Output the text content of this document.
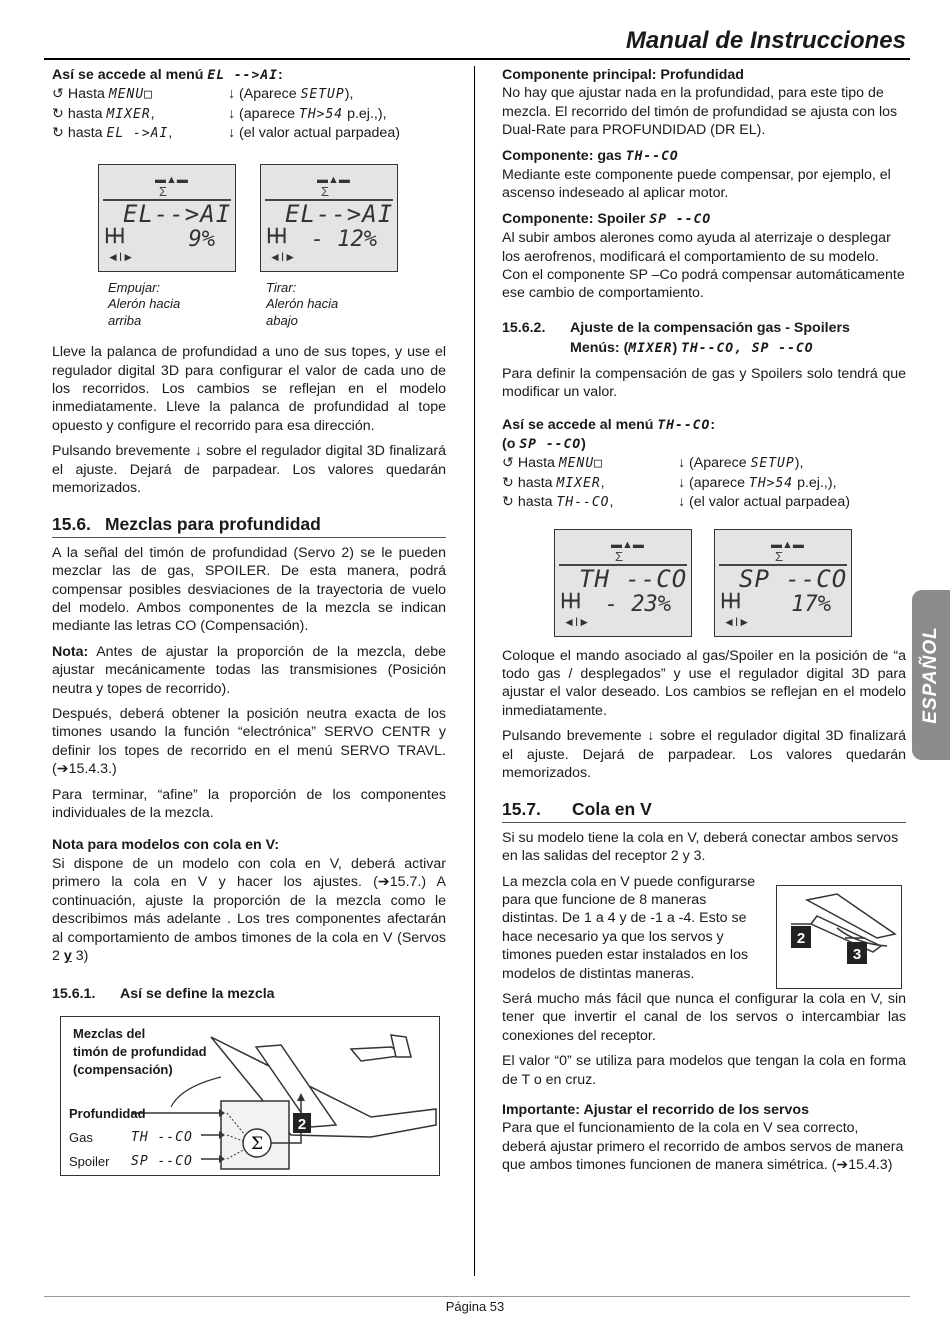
Manual de Instrucciones
Así se accede al menú EL -->AI:
↺ Hasta MENU□	↓ (Aparece SETUP),
↻ hasta MIXER,	↓ (aparece TH>54 p.ej.,),
↻ hasta EL ->AI,	↓ (el valor actual parpadea)
▬▲▬
Σ
EL-->AI
┣╋┫	9%
◄I►
▬▲▬
Σ
EL-->AI
┣╋┫ - 12%
◄I►
Empujar:
Alerón hacia
arriba
Tirar:
Alerón hacia
abajo

Lleve la palanca de profundidad a uno de sus topes, y use el regulador digital 3D para configurar el valor de cada uno de los recorridos. Los cambios se reflejan en el modelo inmediatamente. Lleve la palanca de profundidad al tope opuesto y configure el recorrido para esa dirección.

Pulsando brevemente ↓ sobre el regulador digital 3D finalizará el ajuste. Dejará de parpadear. Los valores quedarán memorizados.

15.6. Mezclas para profundidad

A la señal del timón de profundidad (Servo 2) se le pueden mezclar las de gas, SPOILER. De esta manera, podrá compensar posibles desviaciones de la trayectoria de vuelo del modelo. Ambos componentes de la mezcla se indican mediante las letras CO (Compensación).

Nota: Antes de ajustar la proporción de la mezcla, debe ajustar mecánicamente todas las transmisiones (Posición neutra y topes de recorrido).

Después, deberá obtener la posición neutra exacta de los timones usando la función “electrónica” SERVO CENTR y definir los topes de recorrido en el menú SERVO TRAVL. (➔15.4.3.)

Para terminar, “afine” la proporción de los componentes individuales de la mezcla.

Nota para modelos con cola en V:

Si dispone de un modelo con cola en V, deberá activar primero la cola en V y hacer los ajustes. (➔15.7.) A continuación, ajuste la proporción de la mezcla como le describimos más adelante . Los tres componentes afectarán al comportamiento de ambos timones de la cola en V (Servos 2 y 3)

15.6.1.	Así se define la mezcla
Σ
2
Mezclas del
timón de profundidad
(compensación)
Profundidad
Gas	TH --CO
Spoiler SP --CO
Componente principal: Profundidad

No hay que ajustar nada en la profundidad, para este tipo de mezcla. El recorrido del timón de profundidad se ajusta con los Dual-Rate para PROFUNDIDAD (DR EL).

Componente: gas TH--CO

Mediante este componente puede compensar, por ejemplo, el ascenso indeseado al aplicar motor.

Componente: Spoiler SP --CO

Al subir ambos alerones como ayuda al aterrizaje o desplegar los aerofrenos, modificará el comportamiento de su modelo. Con el componente SP –Co podrá compensar automáticamente ese cambio de comportamiento.

15.6.2.	Ajuste de la compensación gas - Spoilers
Menús: (MIXER) TH--CO, SP --CO

Para definir la compensación de gas y Spoilers solo tendrá que modificar un valor.

Así se accede al menú TH--CO:
(o SP --CO)
↺ Hasta MENU□	↓ (Aparece SETUP),
↻ hasta MIXER,	↓ (aparece TH>54 p.ej.,),
↻ hasta TH--CO,	↓ (el valor actual parpadea)
▬▲▬
Σ
TH --CO
┣╋┫ - 23%
◄I►
▬▲▬
Σ
SP --CO
┣╋┫ 17%
◄I►

Coloque el mando asociado al gas/Spoiler en la posición de “a todo gas / desplegados” y use el regulador digital 3D para ajustar el valor deseado. Los cambios se reflejan en el modelo inmediatamente.

Pulsando brevemente ↓ sobre el regulador digital 3D finalizará el ajuste. Dejará de parpadear. Los valores quedarán memorizados.

15.7.	Cola en V

Si su modelo tiene la cola en V, deberá conectar ambos servos en las salidas del receptor 2 y 3.

La mezcla cola en V puede configurarse para que funcione de 8 maneras distintas. De 1 a 4 y de -1 a -4. Esto se hace necesario ya que los servos y timones pueden estar instalados en los modelos de distintas maneras.

2
3

Será mucho más fácil que nunca el configurar la cola en V, sin tener que invertir el canal de los servos o intercambiar las conexiones del receptor.

El valor “0” se utiliza para modelos que tengan la cola en forma de T o en cruz.

Importante: Ajustar el recorrido de los servos

Para que el funcionamiento de la cola en V sea correcto, deberá ajustar primero el recorrido de ambos servos de manera que ambos timones funcionen de manera simétrica. (➔15.4.3)

ESPAÑOL
Página 53
